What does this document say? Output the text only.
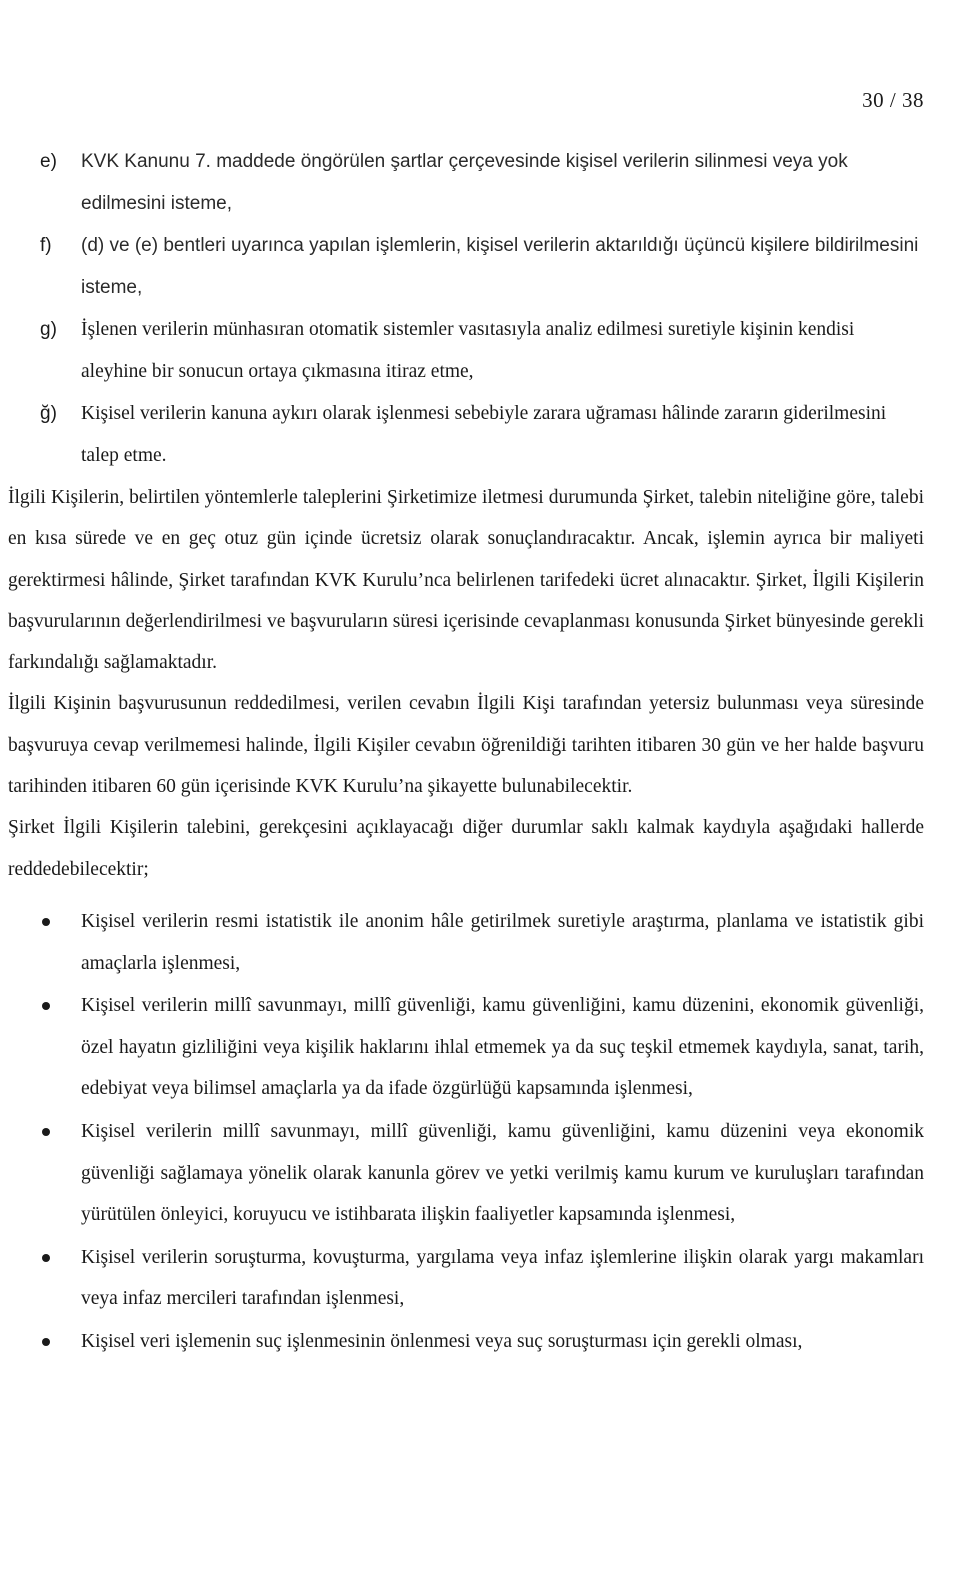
30 / 38
e) KVK Kanunu 7. maddede öngörülen şartlar çerçevesinde kişisel verilerin silinmesi veya yok edilmesini isteme,
f) (d) ve (e) bentleri uyarınca yapılan işlemlerin, kişisel verilerin aktarıldığı üçüncü kişilere bildirilmesini isteme,
g) İşlenen verilerin münhasıran otomatik sistemler vasıtasıyla analiz edilmesi suretiyle kişinin kendisi aleyhine bir sonucun ortaya çıkmasına itiraz etme,
ğ) Kişisel verilerin kanuna aykırı olarak işlenmesi sebebiyle zarara uğraması hâlinde zararın giderilmesini talep etme.

İlgili Kişilerin, belirtilen yöntemlerle taleplerini Şirketimize iletmesi durumunda Şirket, talebin niteliğine göre, talebi en kısa sürede ve en geç otuz gün içinde ücretsiz olarak sonuçlandıracaktır. Ancak, işlemin ayrıca bir maliyeti gerektirmesi hâlinde, Şirket tarafından KVK Kurulu’nca belirlenen tarifedeki ücret alınacaktır. Şirket, İlgili Kişilerin başvurularının değerlendirilmesi ve başvuruların süresi içerisinde cevaplanması konusunda Şirket bünyesinde gerekli farkındalığı sağlamaktadır.

İlgili Kişinin başvurusunun reddedilmesi, verilen cevabın İlgili Kişi tarafından yetersiz bulunması veya süresinde başvuruya cevap verilmemesi halinde, İlgili Kişiler cevabın öğrenildiği tarihten itibaren 30 gün ve her halde başvuru tarihinden itibaren 60 gün içerisinde KVK Kurulu’na şikayette bulunabilecektir.

Şirket İlgili Kişilerin talebini, gerekçesini açıklayacağı diğer durumlar saklı kalmak kaydıyla aşağıdaki hallerde reddedebilecektir;

Kişisel verilerin resmi istatistik ile anonim hâle getirilmek suretiyle araştırma, planlama ve istatistik gibi amaçlarla işlenmesi,
Kişisel verilerin millî savunmayı, millî güvenliği, kamu güvenliğini, kamu düzenini, ekonomik güvenliği, özel hayatın gizliliğini veya kişilik haklarını ihlal etmemek ya da suç teşkil etmemek kaydıyla, sanat, tarih, edebiyat veya bilimsel amaçlarla ya da ifade özgürlüğü kapsamında işlenmesi,
Kişisel verilerin millî savunmayı, millî güvenliği, kamu güvenliğini, kamu düzenini veya ekonomik güvenliği sağlamaya yönelik olarak kanunla görev ve yetki verilmiş kamu kurum ve kuruluşları tarafından yürütülen önleyici, koruyucu ve istihbarata ilişkin faaliyetler kapsamında işlenmesi,
Kişisel verilerin soruşturma, kovuşturma, yargılama veya infaz işlemlerine ilişkin olarak yargı makamları veya infaz mercileri tarafından işlenmesi,
Kişisel veri işlemenin suç işlenmesinin önlenmesi veya suç soruşturması için gerekli olması,
